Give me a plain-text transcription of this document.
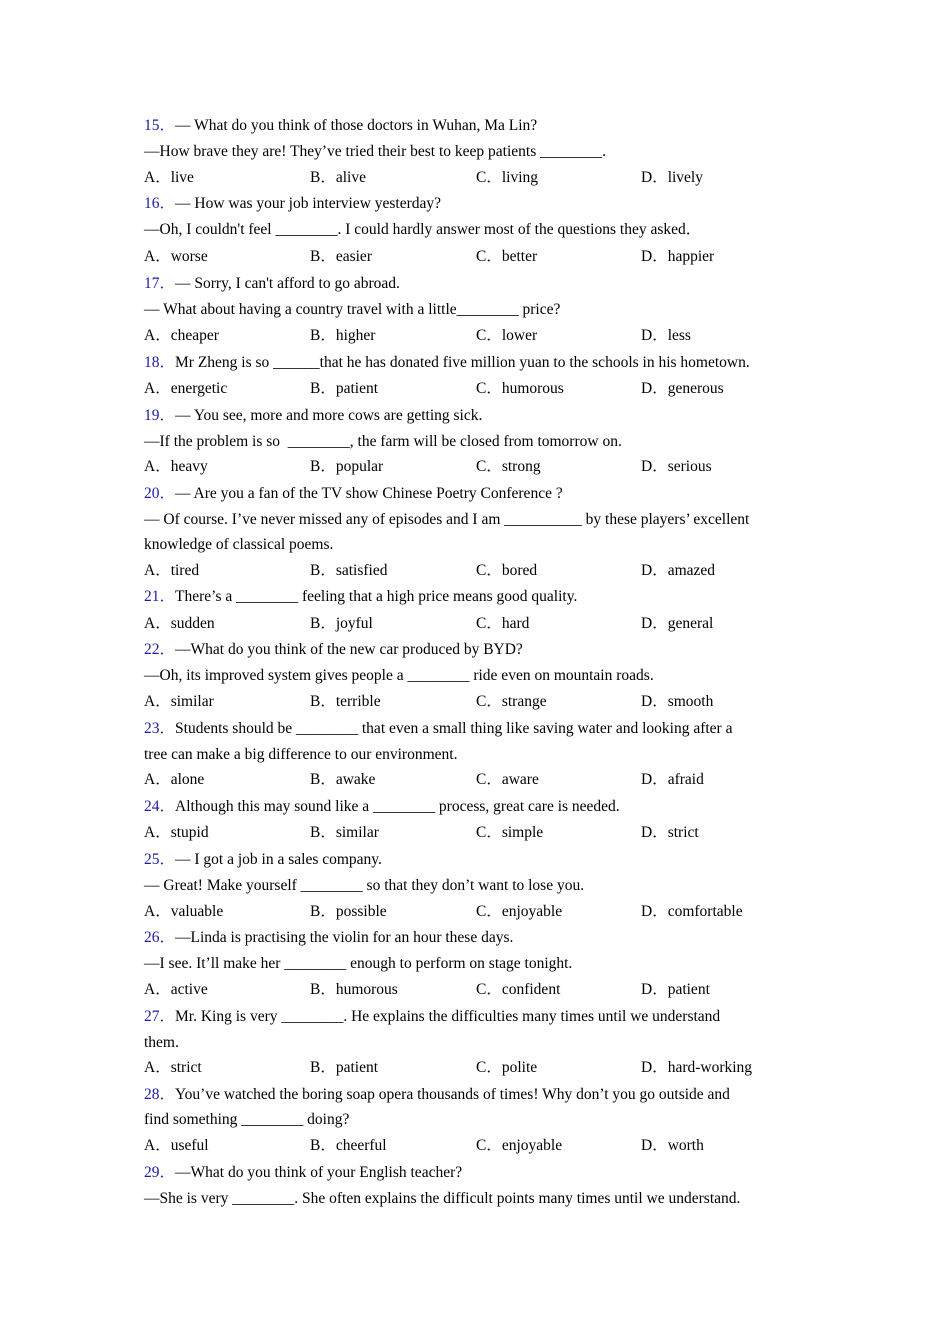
15．— What do you think of those doctors in Wuhan, Ma Lin?
—How brave they are! They’ve tried their best to keep patients ________.
A．live	B．alive	C．living	D．lively
16．— How was your job interview yesterday?
—Oh, I couldn't feel ________. I could hardly answer most of the questions they asked．
A．worse	B．easier	C．better	D．happier
17．— Sorry, I can't afford to go abroad.
— What about having a country travel with a little________ price?
A．cheaper	B．higher	C．lower	D．less
18．Mr Zheng is so ______that he has donated five million yuan to the schools in his hometown.
A．energetic	B．patient	C．humorous	D．generous
19．— You see, more and more cows are getting sick.
—If the problem is so  ________, the farm will be closed from tomorrow on.
A．heavy	B．popular	C．strong	D．serious
20．— Are you a fan of the TV show Chinese Poetry Conference ?
— Of course. I’ve never missed any of episodes and I am __________ by these players’ excellent
knowledge of classical poems.
A．tired	B．satisfied	C．bored	D．amazed
21．There’s a ________ feeling that a high price means good quality.
A．sudden	B．joyful	C．hard	D．general
22．—What do you think of the new car produced by BYD?
—Oh, its improved system gives people a ________ ride even on mountain roads.
A．similar	B．terrible	C．strange	D．smooth
23．Students should be ________ that even a small thing like saving water and looking after a
tree can make a big difference to our environment.
A．alone	B．awake	C．aware	D．afraid
24．Although this may sound like a ________ process, great care is needed.
A．stupid	B．similar	C．simple	D．strict
25．— I got a job in a sales company.
— Great! Make yourself ________ so that they don’t want to lose you.
A．valuable	B．possible	C．enjoyable	D．comfortable
26．—Linda is practising the violin for an hour these days.
—I see. It’ll make her ________ enough to perform on stage tonight.
A．active	B．humorous	C．confident	D．patient
27．Mr. King is very ________. He explains the difficulties many times until we understand
them.
A．strict	B．patient	C．polite	D．hard-working
28．You’ve watched the boring soap opera thousands of times! Why don’t you go outside and
find something ________ doing?
A．useful	B．cheerful	C．enjoyable	D．worth
29．—What do you think of your English teacher?
—She is very ________. She often explains the difficult points many times until we understand.
